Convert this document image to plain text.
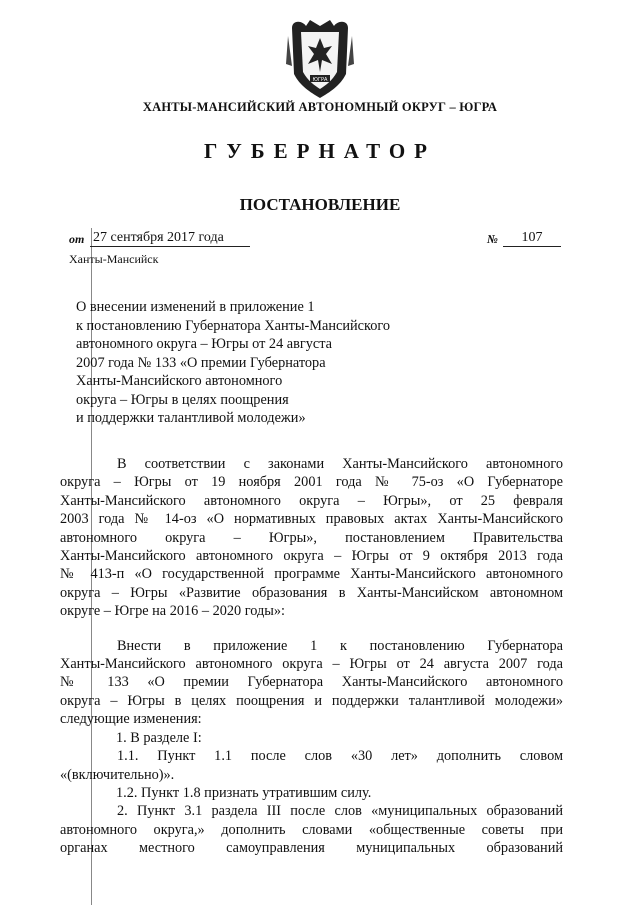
ЮГРА
ХАНТЫ-МАНСИЙСКИЙ АВТОНОМНЫЙ ОКРУГ – ЮГРА
ГУБЕРНАТОР
ПОСТАНОВЛЕНИЕ
от 27 сентября 2017 года	№	107
Ханты-Мансийск
О внесении изменений в приложение 1
к постановлению Губернатора Ханты-Мансийского
автономного округа – Югры от 24 августа
2007 года № 133 «О премии Губернатора
Ханты-Мансийского автономного
округа – Югры в целях поощрения
и поддержки талантливой молодежи»
В соответствии с законами Ханты-Мансийского автономного
округа – Югры от 19 ноября 2001 года № 75-оз «О Губернаторе
Ханты-Мансийского автономного округа – Югры», от 25 февраля
2003 года № 14-оз «О нормативных правовых актах Ханты-Мансийского
автономного округа – Югры», постановлением Правительства
Ханты-Мансийского автономного округа – Югры от 9 октября 2013 года
№ 413-п «О государственной программе Ханты-Мансийского автономного
округа – Югры «Развитие образования в Ханты-Мансийском автономном
округе – Югре на 2016 – 2020 годы»:
Внести в приложение 1 к постановлению Губернатора
Ханты-Мансийского автономного округа – Югры от 24 августа 2007 года
№ 133 «О премии Губернатора Ханты-Мансийского автономного
округа – Югры в целях поощрения и поддержки талантливой молодежи»
следующие изменения:
1. В разделе I:
1.1. Пункт 1.1 после слов «30 лет» дополнить словом
«(включительно)».
1.2. Пункт 1.8 признать утратившим силу.
2. Пункт 3.1 раздела III после слов «муниципальных образований
автономного округа,» дополнить словами «общественные советы при
органах местного самоуправления муниципальных образований
